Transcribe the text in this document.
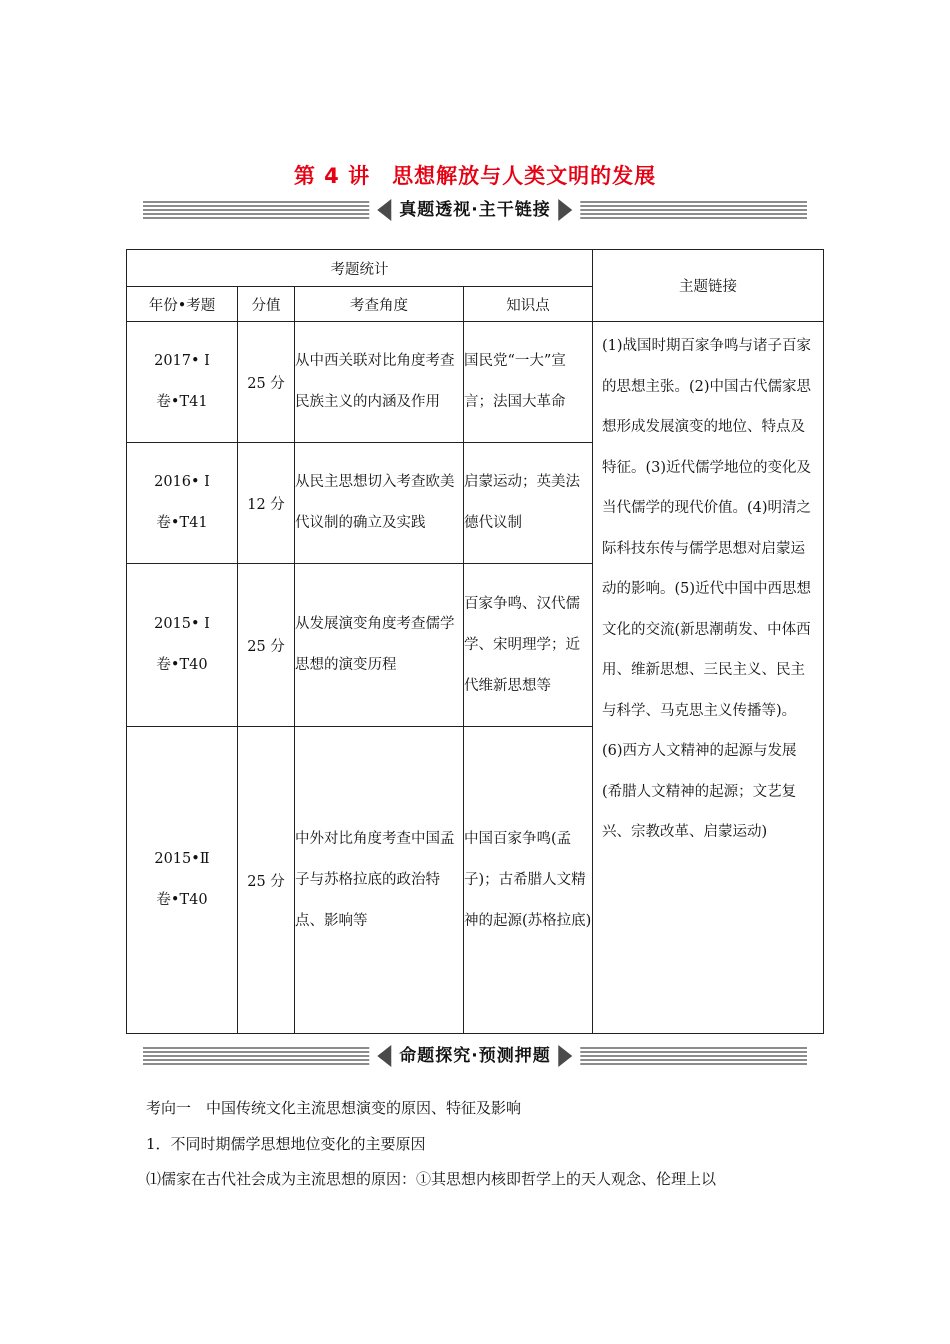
第 4 讲　思想解放与人类文明的发展
真题透视·主干链接
考题统计				主题链接
年份•考题	分值	考查角度	知识点	

2017• Ⅰ
卷•T41	25 分	从中西关联对比角度考查民族主义的内涵及作用	国民党“一大”宣言；法国大革命	(1)战国时期百家争鸣与诸子百家的思想主张。(2)中国古代儒家思想形成发展演变的地位、特点及特征。(3)近代儒学地位的变化及当代儒学的现代价值。(4)明清之际科技东传与儒学思想对启蒙运动的影响。(5)近代中国中西思想文化的交流(新思潮萌发、中体西用、维新思想、三民主义、民主与科学、马克思主义传播等)。(6)西方人文精神的起源与发展(希腊人文精神的起源；文艺复兴、宗教改革、启蒙运动)

2016• Ⅰ
卷•T41	12 分	从民主思想切入考查欧美代议制的确立及实践	启蒙运动；英美法德代议制	

2015• Ⅰ
卷•T40	25 分	从发展演变角度考查儒学思想的演变历程	百家争鸣、汉代儒学、宋明理学；近代维新思想等	

2015•Ⅱ
卷•T40	25 分	中外对比角度考查中国孟子与苏格拉底的政治特点、影响等	中国百家争鸣(孟子)；古希腊人文精神的起源(苏格拉底)	
命题探究·预测押题
考向一　中国传统文化主流思想演变的原因、特征及影响
1．不同时期儒学思想地位变化的主要原因
⑴儒家在古代社会成为主流思想的原因：①其思想内核即哲学上的天人观念、伦理上以
